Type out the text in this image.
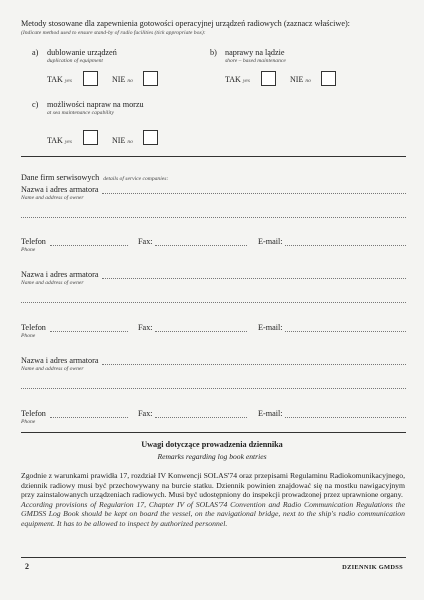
Metody stosowane dla zapewnienia gotowości operacyjnej urządzeń radiowych (zaznacz właściwe):
(Indicate method used to ensure stand-by of radio facilities (tick appropriate box):
a) dublowanie urządzeń
duplication of equipment
TAK yes	NIE no
b) naprawy na lądzie
shore – based maintenance
TAK yes	NIE no
c) możliwości napraw na morzu
at sea maintenance capability
TAK yes	NIE no
Dane firm serwisowych details of service companies:
Nazwa i adres armatora
Name and address of owner
Telefon
Phone
Fax:	E-mail:
Nazwa i adres armatora
Name and address of owner
Telefon
Phone
Fax:	E-mail:
Nazwa i adres armatora
Name and address of owner
Telefon
Phone
Fax:	E-mail:
Uwagi dotyczące prowadzenia dziennika
Remarks regarding log book entries
Zgodnie z warunkami prawidła 17, rozdział IV Konwencji SOLAS'74 oraz przepisami Regulaminu Radiokomunikacyjnego, dziennik radiowy musi być przechowywany na burcie statku. Dziennik powinien znajdować się na mostku nawigacyjnym przy zainstalowanych urządzeniach radiowych. Musi być udostępniony do inspekcji prowadzonej przez uprawnione organy.
According provisions of Regularion 17, Chapter IV of SOLAS'74 Convention and Radio Communication Regulations the GMDSS Log Book should be kept on board the vessel, on the navigational bridge, next to the ship's radio communication equipment. It has to be allowed to inspect by authorized personnel.
2	DZIENNIK GMDSS
